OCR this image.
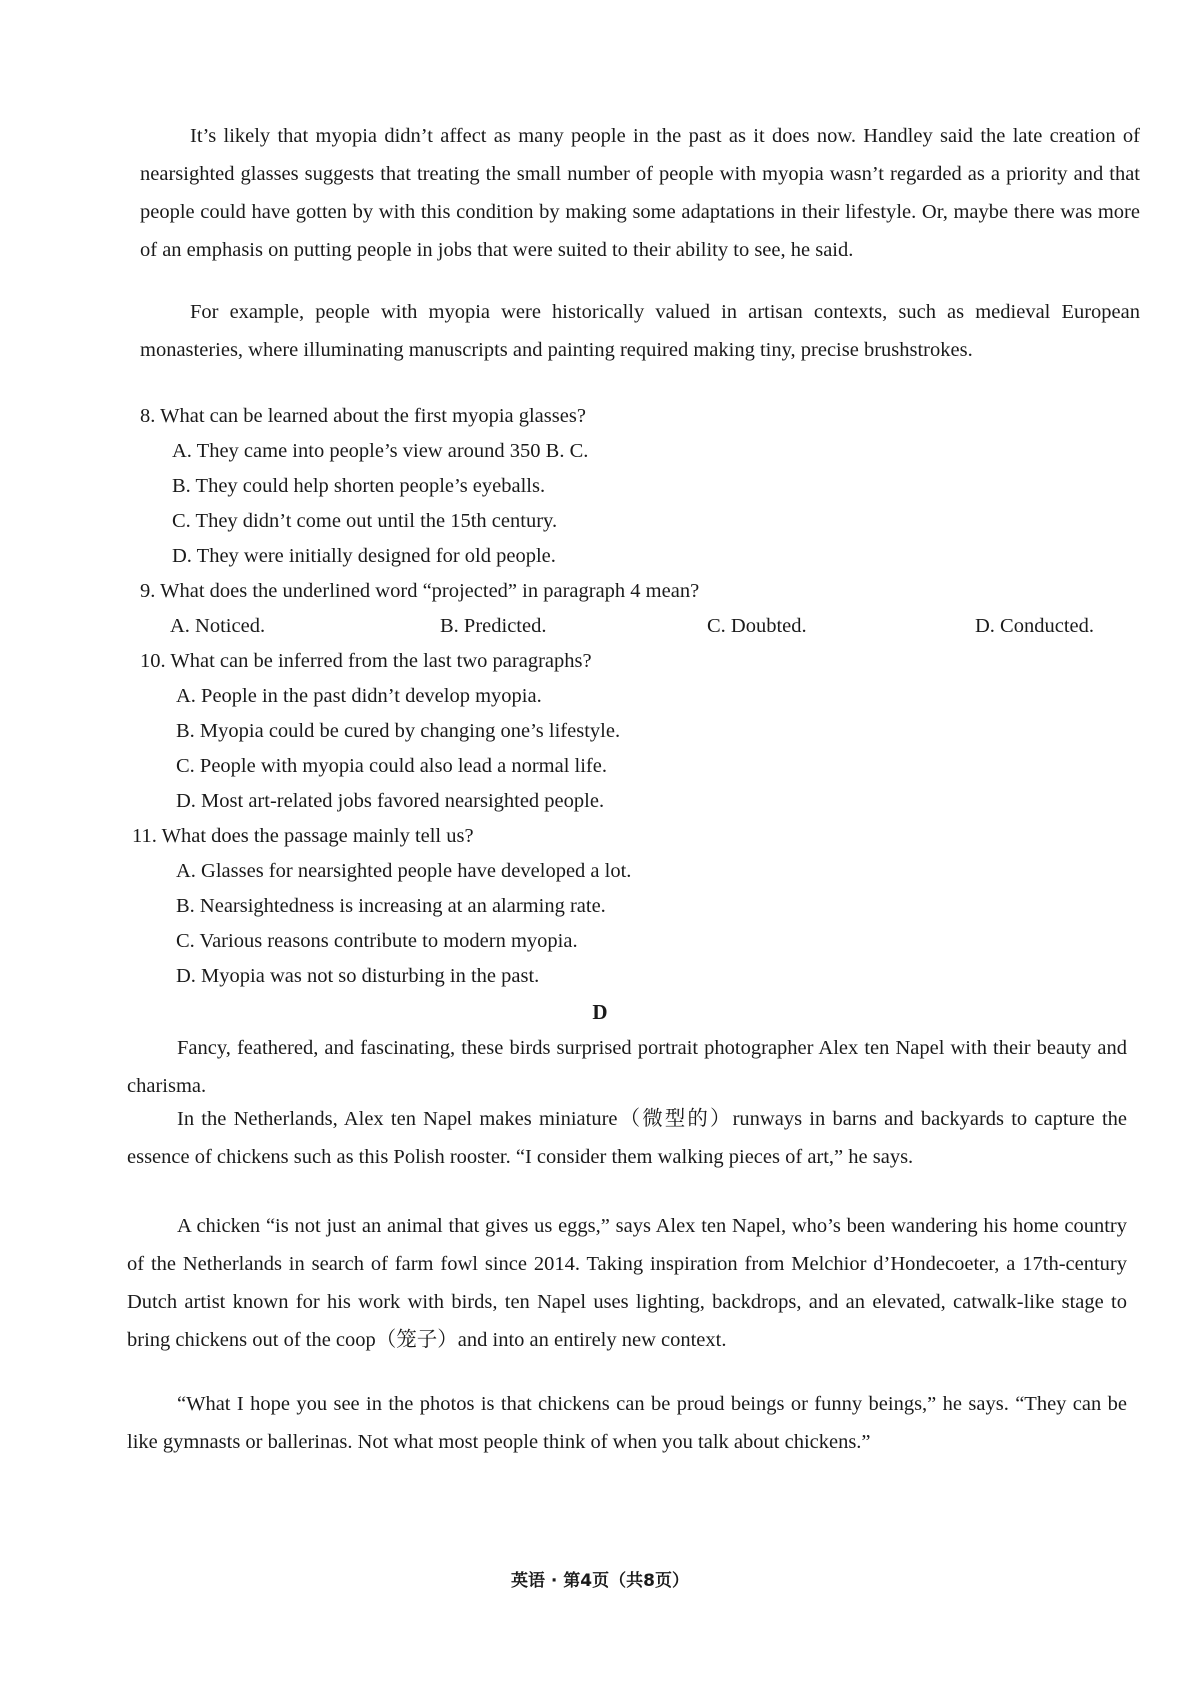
It’s likely that myopia didn’t affect as many people in the past as it does now. Handley said the late creation of nearsighted glasses suggests that treating the small number of people with myopia wasn’t regarded as a priority and that people could have gotten by with this condition by making some adaptations in their lifestyle. Or, maybe there was more of an emphasis on putting people in jobs that were suited to their ability to see, he said.

For example, people with myopia were historically valued in artisan contexts, such as medieval European monasteries, where illuminating manuscripts and painting required making tiny, precise brushstrokes.

8. What can be learned about the first myopia glasses?

A. They came into people’s view around 350 B. C.

B. They could help shorten people’s eyeballs.

C. They didn’t come out until the 15th century.

D. They were initially designed for old people.

9. What does the underlined word “projected” in paragraph 4 mean?

A. Noticed.	B. Predicted.	C. Doubted.	D. Conducted.

10. What can be inferred from the last two paragraphs?

A. People in the past didn’t develop myopia.

B. Myopia could be cured by changing one’s lifestyle.

C. People with myopia could also lead a normal life.

D. Most art-related jobs favored nearsighted people.

11. What does the passage mainly tell us?

A. Glasses for nearsighted people have developed a lot.

B. Nearsightedness is increasing at an alarming rate.

C. Various reasons contribute to modern myopia.

D. Myopia was not so disturbing in the past.

D

Fancy, feathered, and fascinating, these birds surprised portrait photographer Alex ten Napel with their beauty and charisma.

In the Netherlands, Alex ten Napel makes miniature（微型的）runways in barns and backyards to capture the essence of chickens such as this Polish rooster. “I consider them walking pieces of art,” he says.

A chicken “is not just an animal that gives us eggs,” says Alex ten Napel, who’s been wandering his home country of the Netherlands in search of farm fowl since 2014. Taking inspiration from Melchior d’Hondecoeter, a 17th-century Dutch artist known for his work with birds, ten Napel uses lighting, backdrops, and an elevated, catwalk-like stage to bring chickens out of the coop（笼子）and into an entirely new context.

“What I hope you see in the photos is that chickens can be proud beings or funny beings,” he says. “They can be like gymnasts or ballerinas. Not what most people think of when you talk about chickens.”

英语 · 第4页（共8页）
